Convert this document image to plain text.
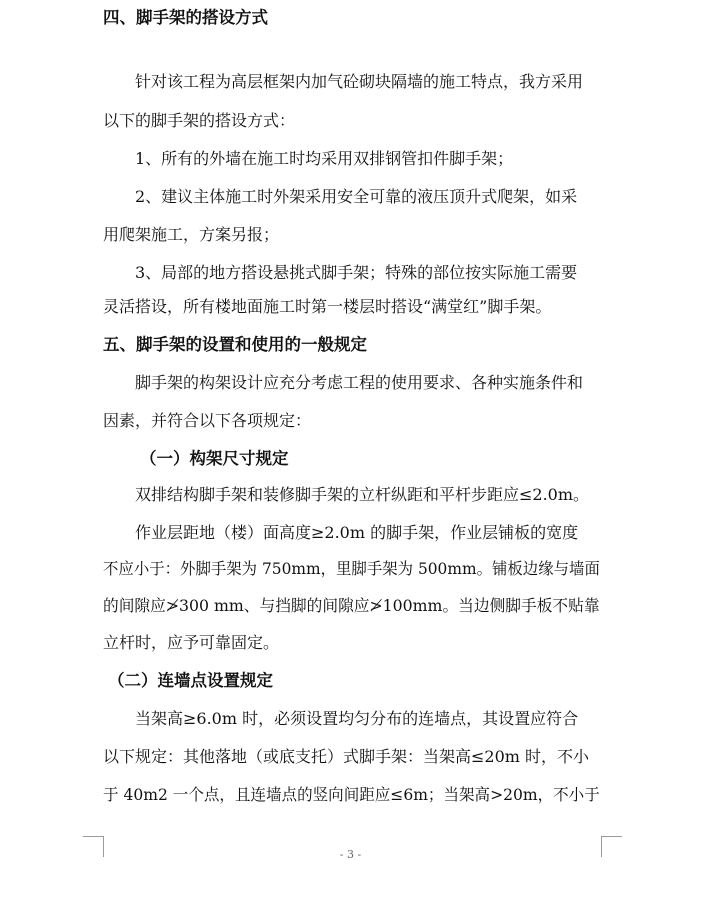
四、脚手架的搭设方式
针对该工程为高层框架内加气砼砌块隔墙的施工特点，我方采用
以下的脚手架的搭设方式：
1、所有的外墙在施工时均采用双排钢管扣件脚手架；
2、建议主体施工时外架采用安全可靠的液压顶升式爬架，如采
用爬架施工，方案另报；
3、局部的地方搭设悬挑式脚手架；特殊的部位按实际施工需要
灵活搭设，所有楼地面施工时第一楼层时搭设“满堂红”脚手架。
五、脚手架的设置和使用的一般规定
脚手架的构架设计应充分考虑工程的使用要求、各种实施条件和
因素，并符合以下各项规定：
（一）构架尺寸规定
双排结构脚手架和装修脚手架的立杆纵距和平杆步距应≤2.0m。
作业层距地（楼）面高度≥2.0m 的脚手架，作业层铺板的宽度
不应小于：外脚手架为 750mm，里脚手架为 500mm。铺板边缘与墙面
的间隙应≯300 mm、与挡脚的间隙应≯100mm。当边侧脚手板不贴靠
立杆时，应予可靠固定。
（二）连墙点设置规定
当架高≥6.0m 时，必须设置均匀分布的连墙点，其设置应符合
以下规定：其他落地（或底支托）式脚手架：当架高≤20m 时，不小
于 40m2 一个点，且连墙点的竖向间距应≤6m；当架高>20m，不小于
- 3 -
